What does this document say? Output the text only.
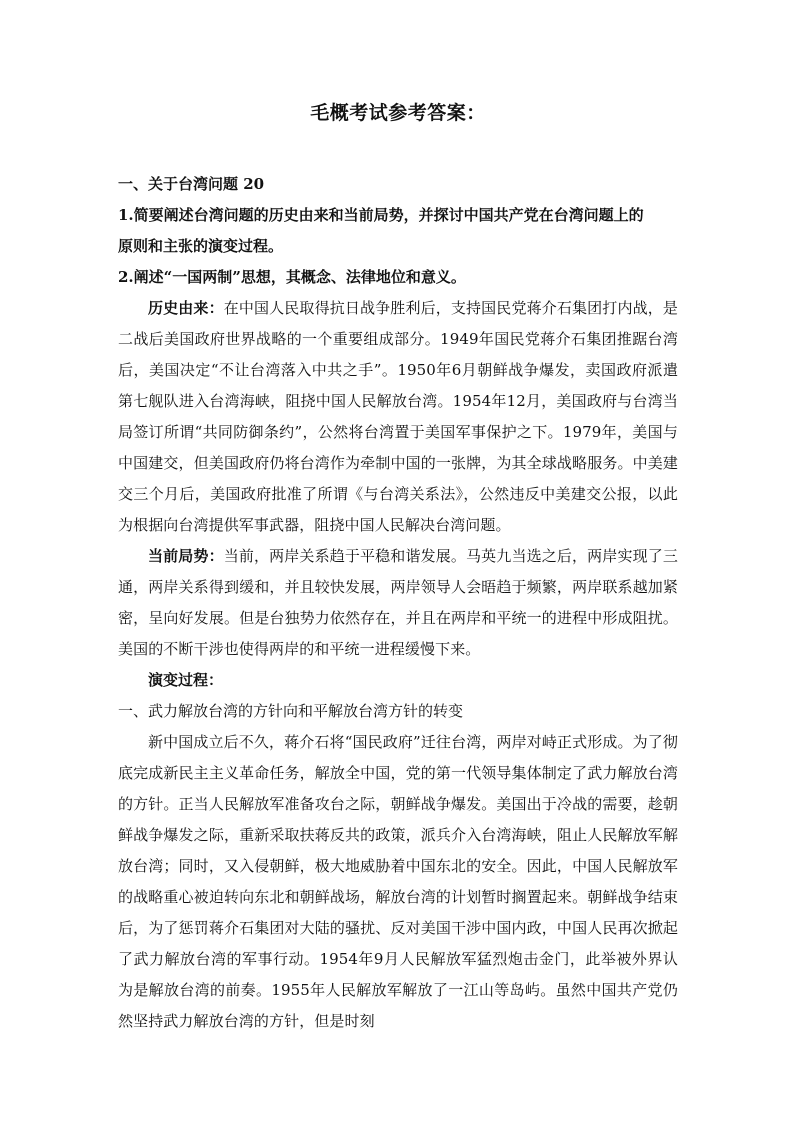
毛概考试参考答案：

一、关于台湾问题 20

1.简要阐述台湾问题的历史由来和当前局势，并探讨中国共产党在台湾问题上的

原则和主张的演变过程。

2.阐述“一国两制”思想，其概念、法律地位和意义。

历史由来：在中国人民取得抗日战争胜利后，支持国民党蒋介石集团打内战，是二战后美国政府世界战略的一个重要组成部分。1949年国民党蒋介石集团推踞台湾后，美国决定“不让台湾落入中共之手”。1950年6月朝鲜战争爆发，卖国政府派遣第七舰队进入台湾海峡，阻挠中国人民解放台湾。1954年12月，美国政府与台湾当局签订所谓“共同防御条约”，公然将台湾置于美国军事保护之下。1979年，美国与中国建交，但美国政府仍将台湾作为牵制中国的一张牌，为其全球战略服务。中美建交三个月后，美国政府批准了所谓《与台湾关系法》，公然违反中美建交公报，以此为根据向台湾提供军事武器，阻挠中国人民解决台湾问题。

当前局势：当前，两岸关系趋于平稳和谐发展。马英九当选之后，两岸实现了三通，两岸关系得到缓和，并且较快发展，两岸领导人会晤趋于频繁，两岸联系越加紧密，呈向好发展。但是台独势力依然存在，并且在两岸和平统一的进程中形成阻扰。美国的不断干涉也使得两岸的和平统一进程缓慢下来。

演变过程：

一、武力解放台湾的方针向和平解放台湾方针的转变

新中国成立后不久，蒋介石将“国民政府”迁往台湾，两岸对峙正式形成。为了彻底完成新民主主义革命任务，解放全中国，党的第一代领导集体制定了武力解放台湾的方针。正当人民解放军准备攻台之际，朝鲜战争爆发。美国出于冷战的需要，趁朝鲜战争爆发之际，重新采取扶蒋反共的政策，派兵介入台湾海峡，阻止人民解放军解放台湾；同时，又入侵朝鲜，极大地威胁着中国东北的安全。因此，中国人民解放军的战略重心被迫转向东北和朝鲜战场，解放台湾的计划暂时搁置起来。朝鲜战争结束后，为了惩罚蒋介石集团对大陆的骚扰、反对美国干涉中国内政，中国人民再次掀起了武力解放台湾的军事行动。1954年9月人民解放军猛烈炮击金门，此举被外界认为是解放台湾的前奏。1955年人民解放军解放了一江山等岛屿。虽然中国共产党仍然坚持武力解放台湾的方针，但是时刻
